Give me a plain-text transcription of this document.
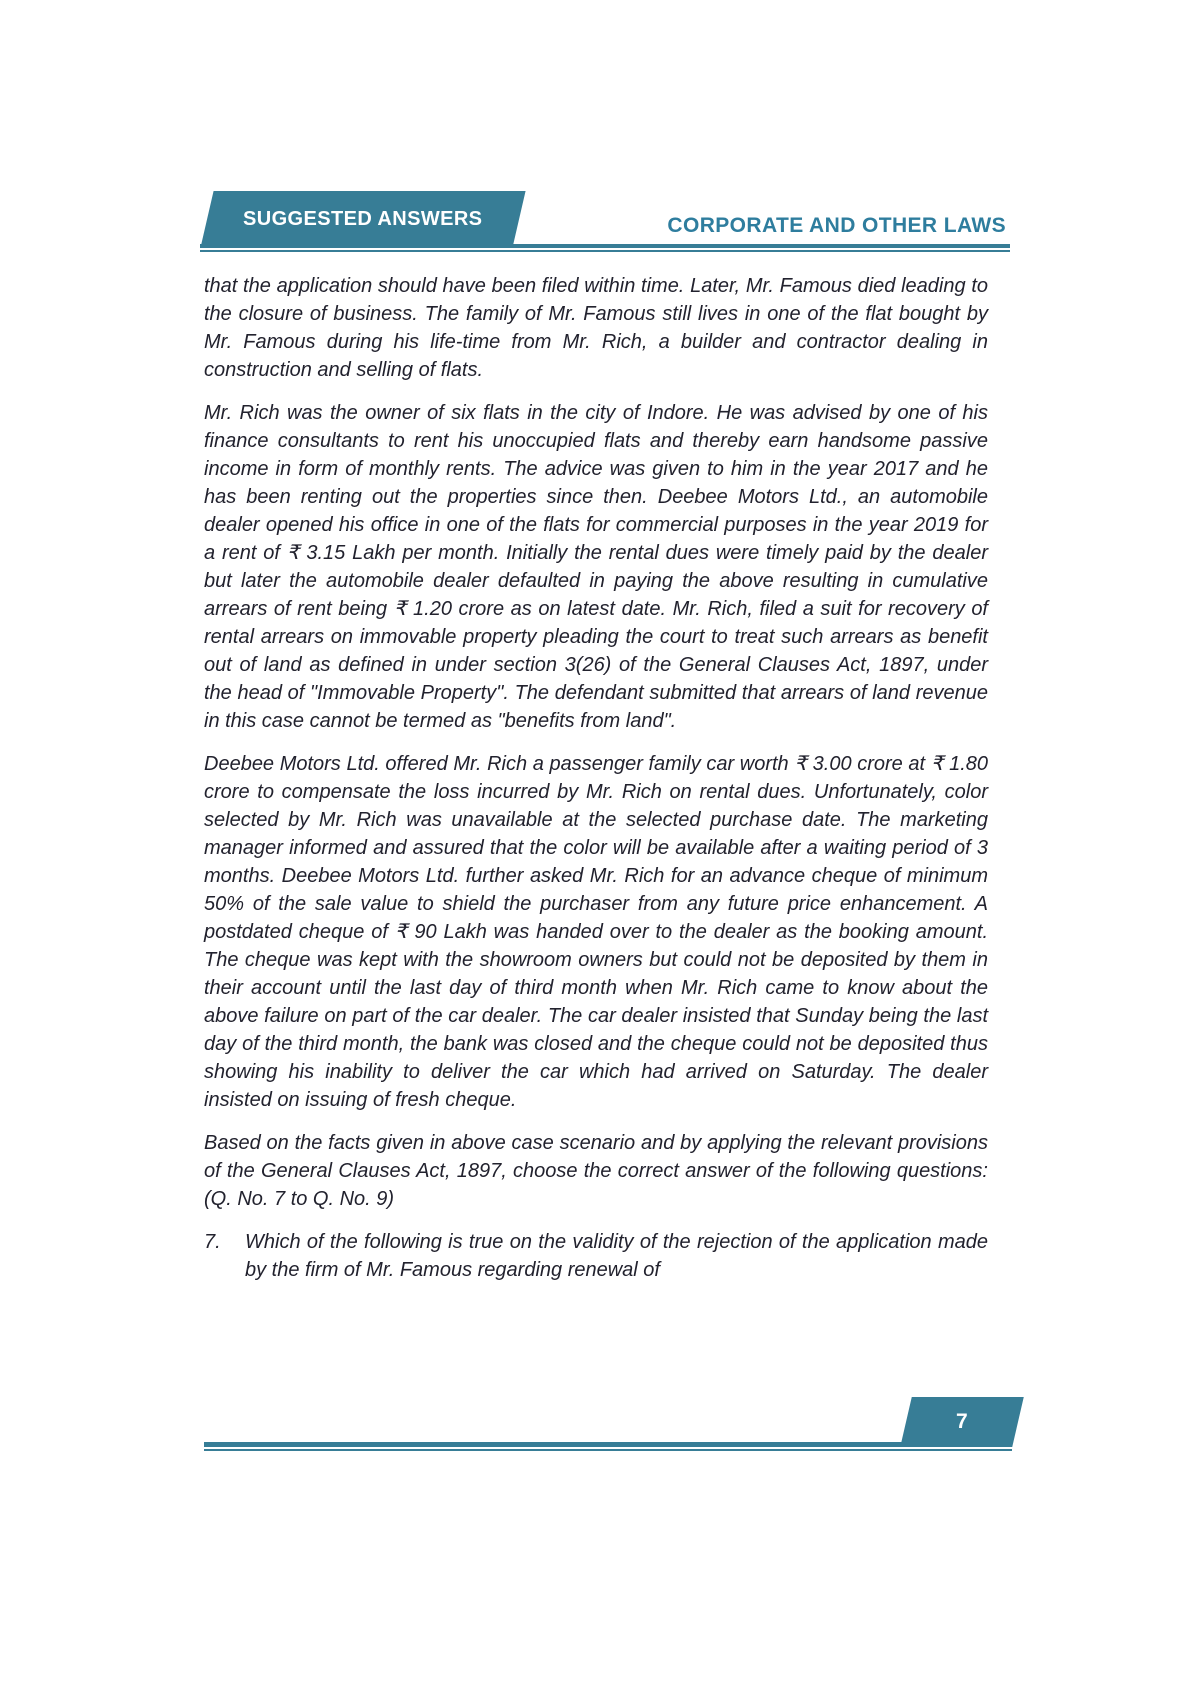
SUGGESTED ANSWERS	CORPORATE AND OTHER LAWS

that the application should have been filed within time. Later, Mr. Famous died leading to the closure of business. The family of Mr. Famous still lives in one of the flat bought by Mr. Famous during his life-time from Mr. Rich, a builder and contractor dealing in construction and selling of flats.

Mr. Rich was the owner of six flats in the city of Indore. He was advised by one of his finance consultants to rent his unoccupied flats and thereby earn handsome passive income in form of monthly rents. The advice was given to him in the year 2017 and he has been renting out the properties since then. Deebee Motors Ltd., an automobile dealer opened his office in one of the flats for commercial purposes in the year 2019 for a rent of ₹ 3.15 Lakh per month. Initially the rental dues were timely paid by the dealer but later the automobile dealer defaulted in paying the above resulting in cumulative arrears of rent being ₹ 1.20 crore as on latest date. Mr. Rich, filed a suit for recovery of rental arrears on immovable property pleading the court to treat such arrears as benefit out of land as defined in under section 3(26) of the General Clauses Act, 1897, under the head of "Immovable Property". The defendant submitted that arrears of land revenue in this case cannot be termed as "benefits from land".

Deebee Motors Ltd. offered Mr. Rich a passenger family car worth ₹ 3.00 crore at ₹ 1.80 crore to compensate the loss incurred by Mr. Rich on rental dues. Unfortunately, color selected by Mr. Rich was unavailable at the selected purchase date. The marketing manager informed and assured that the color will be available after a waiting period of 3 months. Deebee Motors Ltd. further asked Mr. Rich for an advance cheque of minimum 50% of the sale value to shield the purchaser from any future price enhancement. A postdated cheque of ₹ 90 Lakh was handed over to the dealer as the booking amount. The cheque was kept with the showroom owners but could not be deposited by them in their account until the last day of third month when Mr. Rich came to know about the above failure on part of the car dealer. The car dealer insisted that Sunday being the last day of the third month, the bank was closed and the cheque could not be deposited thus showing his inability to deliver the car which had arrived on Saturday. The dealer insisted on issuing of fresh cheque.

Based on the facts given in above case scenario and by applying the relevant provisions of the General Clauses Act, 1897, choose the correct answer of the following questions: (Q. No. 7 to Q. No. 9)

7.	Which of the following is true on the validity of the rejection of the application made by the firm of Mr. Famous regarding renewal of

7
